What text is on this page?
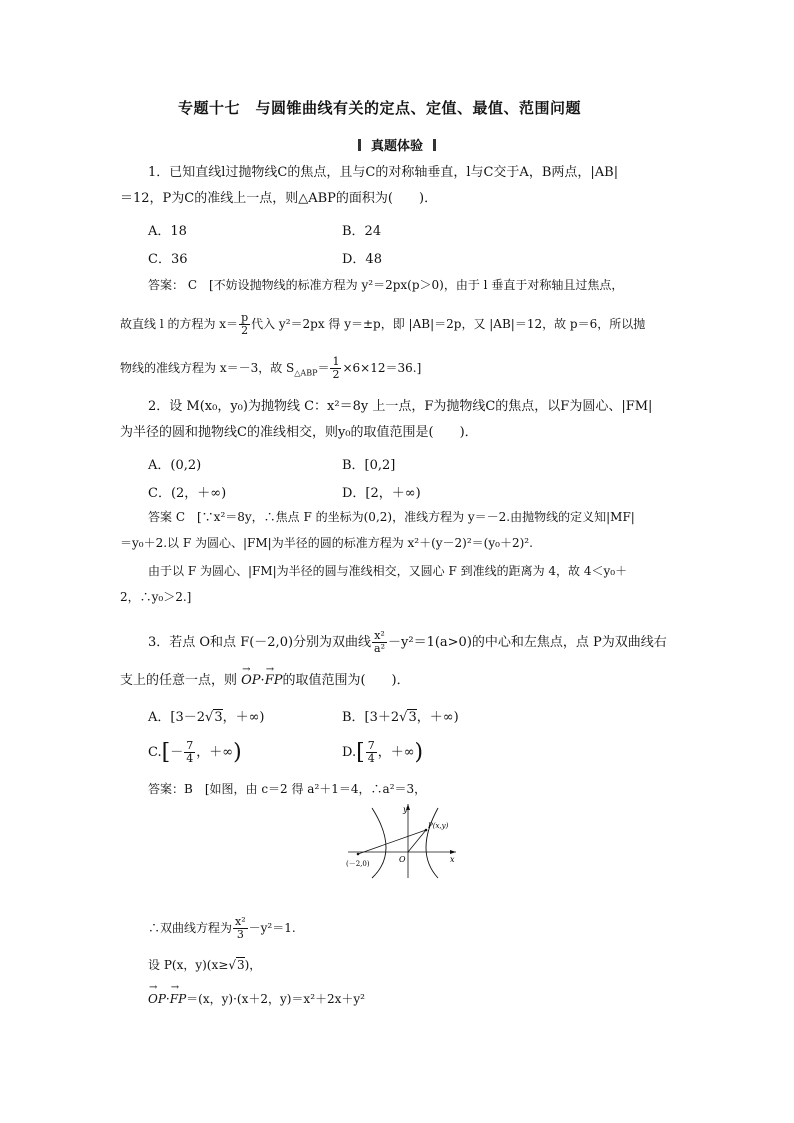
专题十七　与圆锥曲线有关的定点、定值、最值、范围问题
真题体验
1．已知直线l过抛物线C的焦点，且与C的对称轴垂直，l与C交于A，B两点，|AB|
＝12，P为C的准线上一点，则△ABP的面积为(　　)．
A．18	B．24
C．36	D．48
答案： C　[不妨设抛物线的标准方程为 y²＝2px(p＞0)，由于 l 垂直于对称轴且过焦点，
故直线 l 的方程为 $x= \frac{p}{2}$ 代入 y²＝2px 得 y＝±p，即 |AB|＝2p，又 |AB|＝12，故 p＝6，所以抛
物线的准线方程为 x＝－3，故 $S_{\triangle ABP}= \frac{1}{2} \times 6\times 12=36$.]
2．设 M(x₀，y₀)为抛物线 C：x²＝8y 上一点，F为抛物线C的焦点，以F为圆心、|FM|
为半径的圆和抛物线C的准线相交，则y₀的取值范围是(　　)．
A．(0,2)	B．[0,2]
C．(2，＋∞)	D．[2，＋∞)
答案 C　[∵x²＝8y，∴焦点 F 的坐标为(0,2)，准线方程为 y＝－2.由抛物线的定义知|MF|
＝y₀＋2.以 F 为圆心、|FM|为半径的圆的标准方程为 x²＋(y－2)²＝(y₀＋2)².
由于以 F 为圆心、|FM|为半径的圆与准线相交，又圆心 F 到准线的距离为 4，故 4＜y₀＋
2，∴y₀＞2.]
3．若点 O和点 F(－2,0)分别为双曲线 $\frac{\text{x²}}{\text{a²}} -y^2=1(a>0)$的中心和左焦点，点 P为双曲线右
支上的任意一点，则 → OP·→ FP的取值范围为(　　)．
A．[3－2√3，＋∞)	B．[3＋2√3，＋∞)
$C.[- \frac{7}{4}$ ，＋∞)	$D.[ \frac{7}{4}$ ，＋∞)
答案：B　[如图，由 c＝2 得 a²＋1＝4，∴a²＝3，
y
x
O
P(x,y)
(－2,0)
∴双曲线方程为 $\frac{\text{x²}}{3} -y^2=1$.
设 P(x，y)(x≥√3)，
→ OP·→ FP＝(x，y)·(x＋2，y)＝x²＋2x＋y²
